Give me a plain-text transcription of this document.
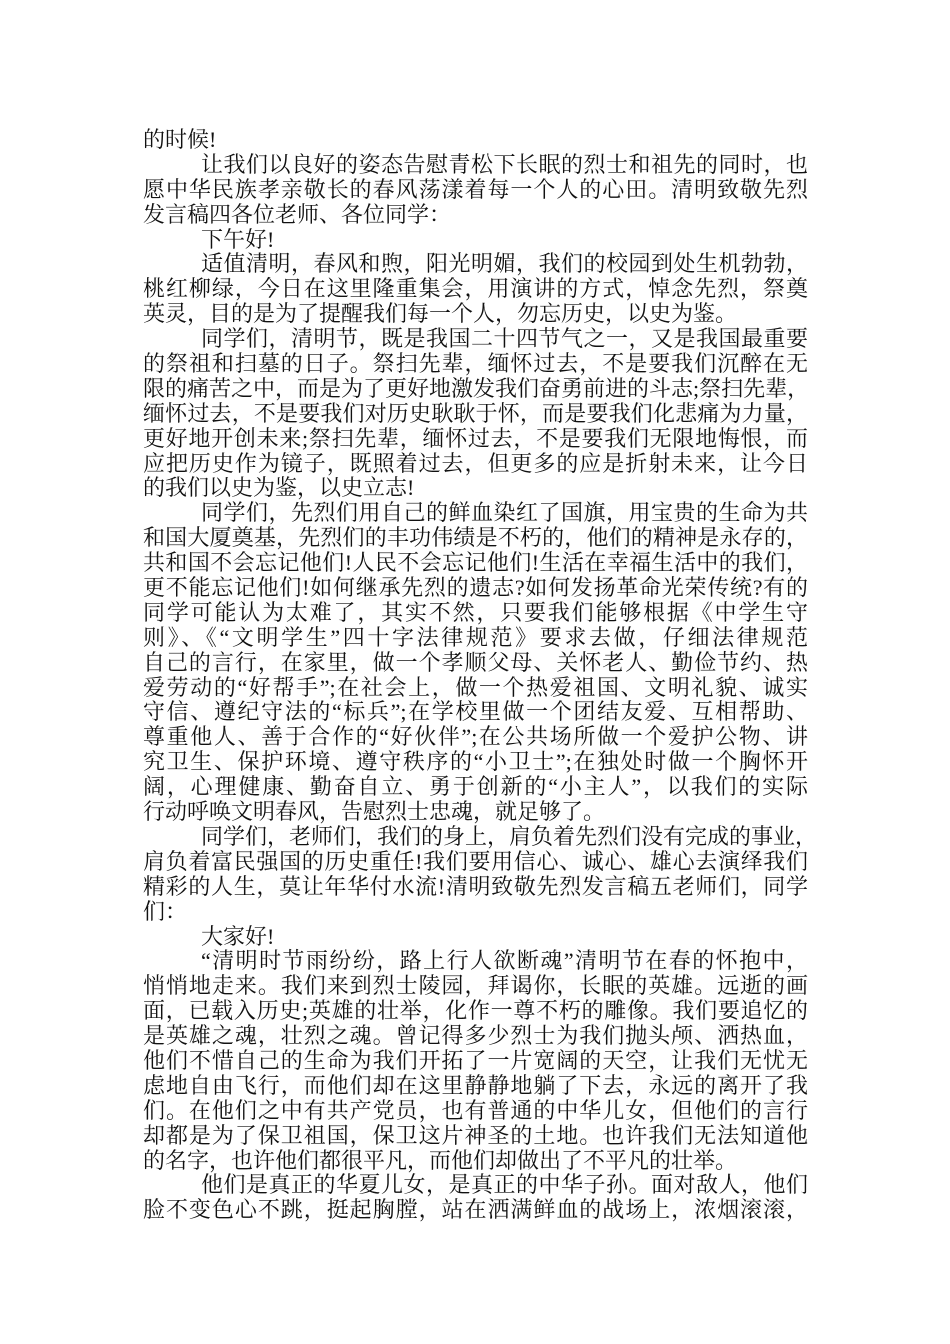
的时候!
让我们以良好的姿态告慰青松下长眠的烈士和祖先的同时，也
愿中华民族孝亲敬长的春风荡漾着每一个人的心田。清明致敬先烈
发言稿四各位老师、各位同学：
下午好!
适值清明，春风和煦，阳光明媚，我们的校园到处生机勃勃，
桃红柳绿，今日在这里隆重集会，用演讲的方式，悼念先烈，祭奠
英灵，目的是为了提醒我们每一个人，勿忘历史，以史为鉴。
同学们，清明节，既是我国二十四节气之一，又是我国最重要
的祭祖和扫墓的日子。祭扫先辈，缅怀过去，不是要我们沉醉在无
限的痛苦之中，而是为了更好地激发我们奋勇前进的斗志;祭扫先辈，
缅怀过去，不是要我们对历史耿耿于怀，而是要我们化悲痛为力量，
更好地开创未来;祭扫先辈，缅怀过去，不是要我们无限地悔恨，而
应把历史作为镜子，既照着过去，但更多的应是折射未来，让今日
的我们以史为鉴，以史立志!
同学们，先烈们用自己的鲜血染红了国旗，用宝贵的生命为共
和国大厦奠基，先烈们的丰功伟绩是不朽的，他们的精神是永存的，
共和国不会忘记他们!人民不会忘记他们!生活在幸福生活中的我们，
更不能忘记他们!如何继承先烈的遗志?如何发扬革命光荣传统?有的
同学可能认为太难了，其实不然，只要我们能够根据《中学生守
则》、《“文明学生”四十字法律规范》要求去做，仔细法律规范
自己的言行，在家里，做一个孝顺父母、关怀老人、勤俭节约、热
爱劳动的“好帮手”;在社会上，做一个热爱祖国、文明礼貌、诚实
守信、遵纪守法的“标兵”;在学校里做一个团结友爱、互相帮助、
尊重他人、善于合作的“好伙伴”;在公共场所做一个爱护公物、讲
究卫生、保护环境、遵守秩序的“小卫士”;在独处时做一个胸怀开
阔，心理健康、勤奋自立、勇于创新的“小主人”，以我们的实际
行动呼唤文明春风，告慰烈士忠魂，就足够了。
同学们，老师们，我们的身上，肩负着先烈们没有完成的事业，
肩负着富民强国的历史重任!我们要用信心、诚心、雄心去演绎我们
精彩的人生，莫让年华付水流!清明致敬先烈发言稿五老师们，同学
们：
大家好!
“清明时节雨纷纷，路上行人欲断魂”清明节在春的怀抱中，
悄悄地走来。我们来到烈士陵园，拜谒你，长眠的英雄。远逝的画
面，已载入历史;英雄的壮举，化作一尊不朽的雕像。我们要追忆的
是英雄之魂，壮烈之魂。曾记得多少烈士为我们抛头颅、洒热血，
他们不惜自己的生命为我们开拓了一片宽阔的天空，让我们无忧无
虑地自由飞行，而他们却在这里静静地躺了下去，永远的离开了我
们。在他们之中有共产党员，也有普通的中华儿女，但他们的言行
却都是为了保卫祖国，保卫这片神圣的土地。也许我们无法知道他
的名字，也许他们都很平凡，而他们却做出了不平凡的壮举。
他们是真正的华夏儿女，是真正的中华子孙。面对敌人，他们
脸不变色心不跳，挺起胸膛，站在洒满鲜血的战场上，浓烟滚滚，
